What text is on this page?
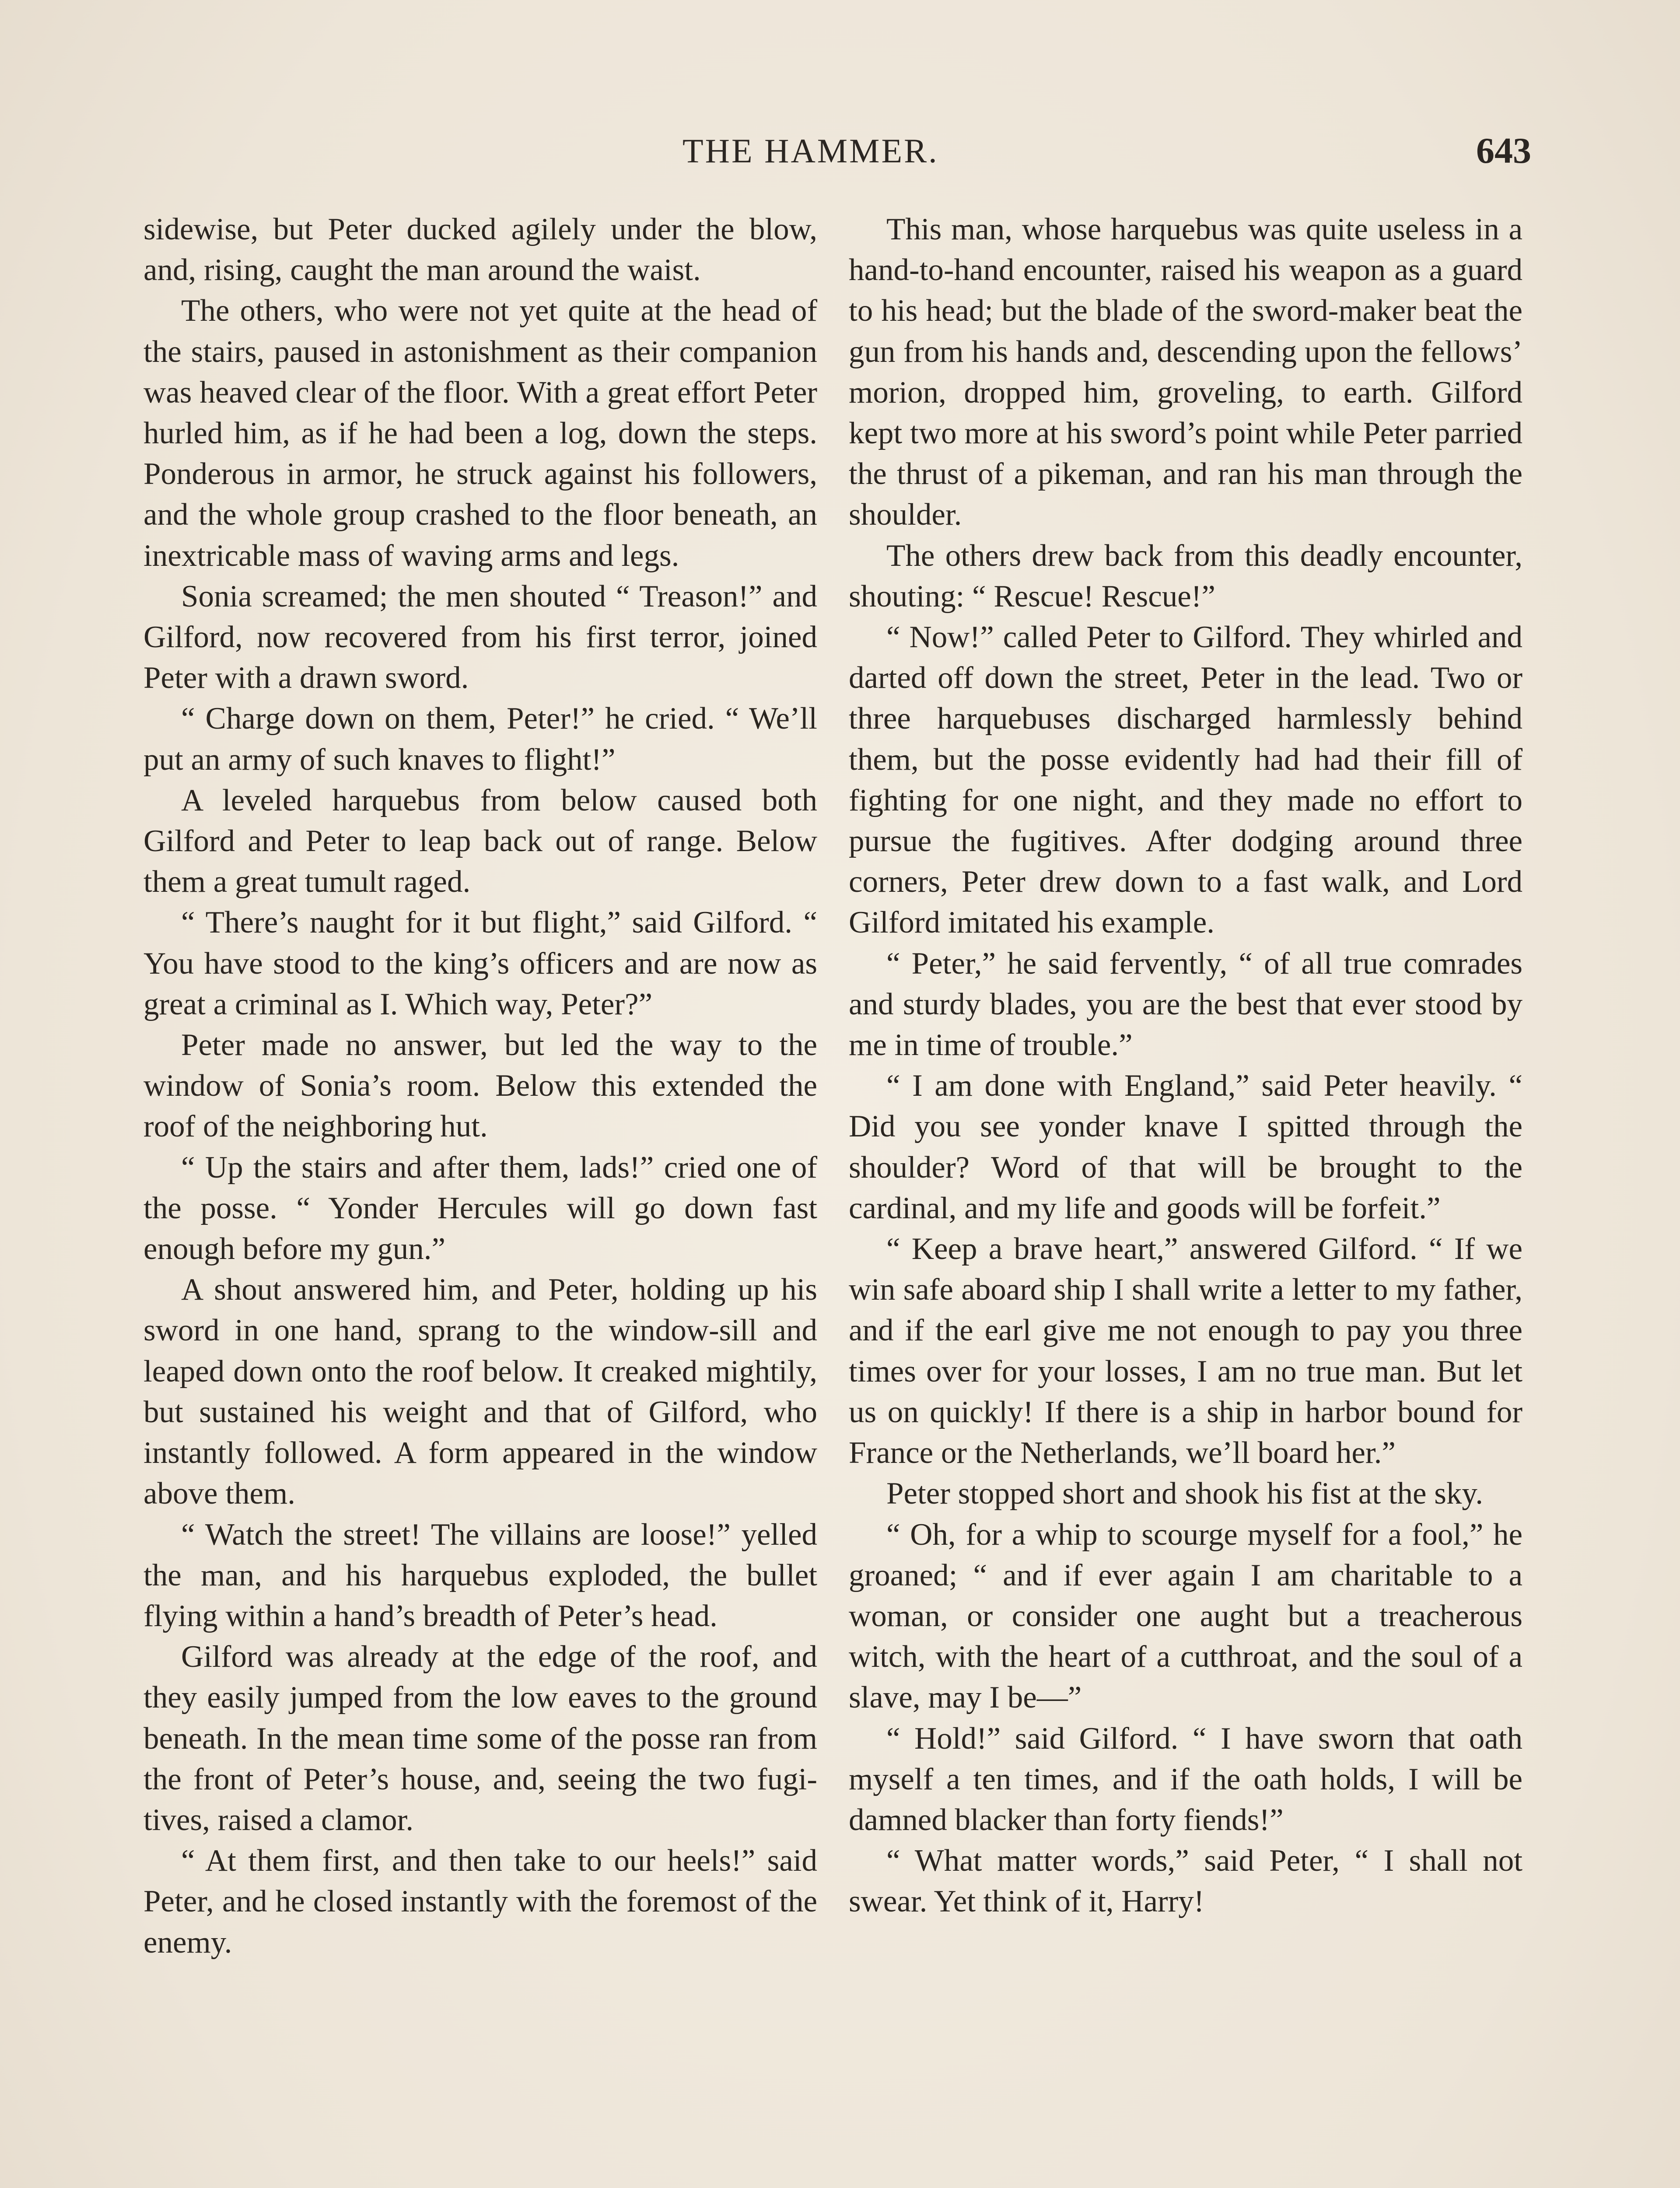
THE HAMMER.	643

sidewise, but Peter ducked agilely under the blow, and, rising, caught the man around the waist.

The others, who were not yet quite at the head of the stairs, paused in astonishment as their companion was heaved clear of the floor. With a great effort Peter hurled him, as if he had been a log, down the steps. Ponderous in armor, he struck against his followers, and the whole group crashed to the floor beneath, an inextricable mass of waving arms and legs.

Sonia screamed; the men shouted “ Treason!” and Gilford, now recovered from his first terror, joined Peter with a drawn sword.

“ Charge down on them, Peter!” he cried. “ We’ll put an army of such knaves to flight!”

A leveled harquebus from below caused both Gilford and Peter to leap back out of range. Below them a great tumult raged.

“ There’s naught for it but flight,” said Gilford. “ You have stood to the king’s officers and are now as great a criminal as I. Which way, Peter?”

Peter made no answer, but led the way to the window of Sonia’s room. Below this extended the roof of the neighboring hut.

“ Up the stairs and after them, lads!” cried one of the posse. “ Yonder Hercules will go down fast enough before my gun.”

A shout answered him, and Peter, holding up his sword in one hand, sprang to the window-sill and leaped down onto the roof below. It creaked mightily, but sustained his weight and that of Gilford, who instantly followed. A form appeared in the window above them.

“ Watch the street! The villains are loose!” yelled the man, and his harquebus exploded, the bullet flying within a hand’s breadth of Peter’s head.

Gilford was already at the edge of the roof, and they easily jumped from the low eaves to the ground beneath. In the mean time some of the posse ran from the front of Peter’s house, and, seeing the two fugitives, raised a clamor.

“ At them first, and then take to our heels!” said Peter, and he closed instantly with the foremost of the enemy.

This man, whose harquebus was quite useless in a hand-to-hand encounter, raised his weapon as a guard to his head; but the blade of the sword-maker beat the gun from his hands and, descending upon the fellows’ morion, dropped him, groveling, to earth. Gilford kept two more at his sword’s point while Peter parried the thrust of a pikeman, and ran his man through the shoulder.

The others drew back from this deadly encounter, shouting: “ Rescue! Rescue!”

“ Now!” called Peter to Gilford. They whirled and darted off down the street, Peter in the lead. Two or three harquebuses discharged harmlessly behind them, but the posse evidently had had their fill of fighting for one night, and they made no effort to pursue the fugitives. After dodging around three corners, Peter drew down to a fast walk, and Lord Gilford imitated his example.

“ Peter,” he said fervently, “ of all true comrades and sturdy blades, you are the best that ever stood by me in time of trouble.”

“ I am done with England,” said Peter heavily. “ Did you see yonder knave I spitted through the shoulder? Word of that will be brought to the cardinal, and my life and goods will be forfeit.”

“ Keep a brave heart,” answered Gilford. “ If we win safe aboard ship I shall write a letter to my father, and if the earl give me not enough to pay you three times over for your losses, I am no true man. But let us on quickly! If there is a ship in harbor bound for France or the Netherlands, we’ll board her.”

Peter stopped short and shook his fist at the sky.

“ Oh, for a whip to scourge myself for a fool,” he groaned; “ and if ever again I am charitable to a woman, or consider one aught but a treacherous witch, with the heart of a cutthroat, and the soul of a slave, may I be—”

“ Hold!” said Gilford. “ I have sworn that oath myself a ten times, and if the oath holds, I will be damned blacker than forty fiends!”

“ What matter words,” said Peter, “ I shall not swear. Yet think of it, Harry!
